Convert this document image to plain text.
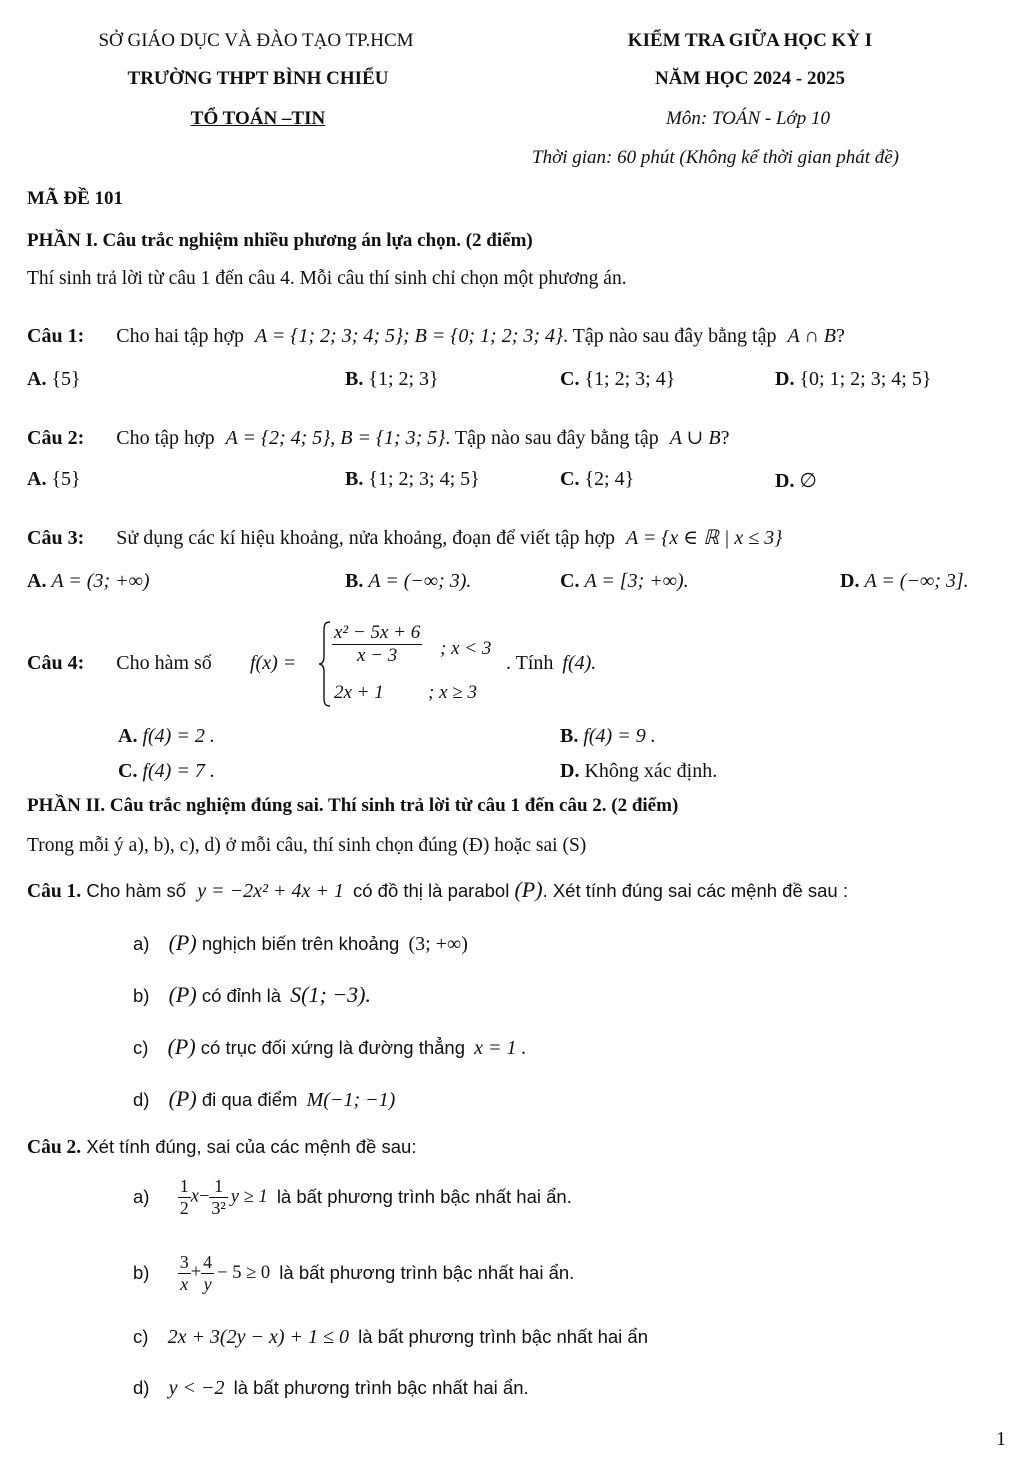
SỞ GIÁO DỤC VÀ ĐÀO TẠO TP.HCM
TRƯỜNG THPT BÌNH CHIỂU
TỔ TOÁN –TIN
KIỂM TRA GIỮA HỌC KỲ I
NĂM HỌC 2024 - 2025
Môn: TOÁN - Lớp 10
Thời gian: 60 phút (Không kể thời gian phát đề)
MÃ ĐỀ 101
PHẦN I. Câu trắc nghiệm nhiều phương án lựa chọn. (2 điểm)
Thí sinh trả lời từ câu 1 đến câu 4. Mỗi câu thí sinh chỉ chọn một phương án.
Câu 1: Cho hai tập hợp A = {1; 2; 3; 4; 5}; B = {0; 1; 2; 3; 4}. Tập nào sau đây bằng tập A ∩ B?
A. {5}	B. {1; 2; 3}	C. {1; 2; 3; 4}	D. {0; 1; 2; 3; 4; 5}
Câu 2: Cho tập hợp A = {2; 4; 5}, B = {1; 3; 5}. Tập nào sau đây bằng tập A ∪ B?
A. {5}	B. {1; 2; 3; 4; 5}	C. {2; 4}	D. ∅
Câu 3: Sử dụng các kí hiệu khoảng, nửa khoảng, đoạn để viết tập hợp A = {x ∈ ℝ | x ≤ 3}
A. A = (3; +∞)	B. A = (−∞; 3).	C. A = [3; +∞).	D. A = (−∞; 3].
Câu 4: Cho hàm số $f(x) = \frac{\text{x² − 5x + 6}}{x - 3}$ ; x < 3
2x + 1 ; x ≥ 3
. Tính f(4).
A. f(4) = 2 .	B. f(4) = 9 .
C. f(4) = 7 .	D. Không xác định.
PHẦN II. Câu trắc nghiệm đúng sai. Thí sinh trả lời từ câu 1 đến câu 2. (2 điểm)
Trong mỗi ý a), b), c), d) ở mỗi câu, thí sinh chọn đúng (Đ) hoặc sai (S)
Câu 1. Cho hàm số y = −2x² + 4x + 1 có đồ thị là parabol (P). Xét tính đúng sai các mệnh đề sau :
a) (P) nghịch biến trên khoảng (3; +∞)
b) (P) có đỉnh là S(1; −3).
c) (P) có trục đối xứng là đường thẳng x = 1 .
d) (P) đi qua điểm M(−1; −1)
Câu 2. Xét tính đúng, sai của các mệnh đề sau:
$a) \frac{1}{2} x- \frac{1}{\text{3²}}$ y ≥ 1 là bất phương trình bậc nhất hai ẩn.
$b) \frac{3}{x} + \frac{4}{y} - 5 \ge 0$ là bất phương trình bậc nhất hai ẩn.
c) 2x + 3(2y − x) + 1 ≤ 0 là bất phương trình bậc nhất hai ẩn
d) y < −2 là bất phương trình bậc nhất hai ẩn.
1
